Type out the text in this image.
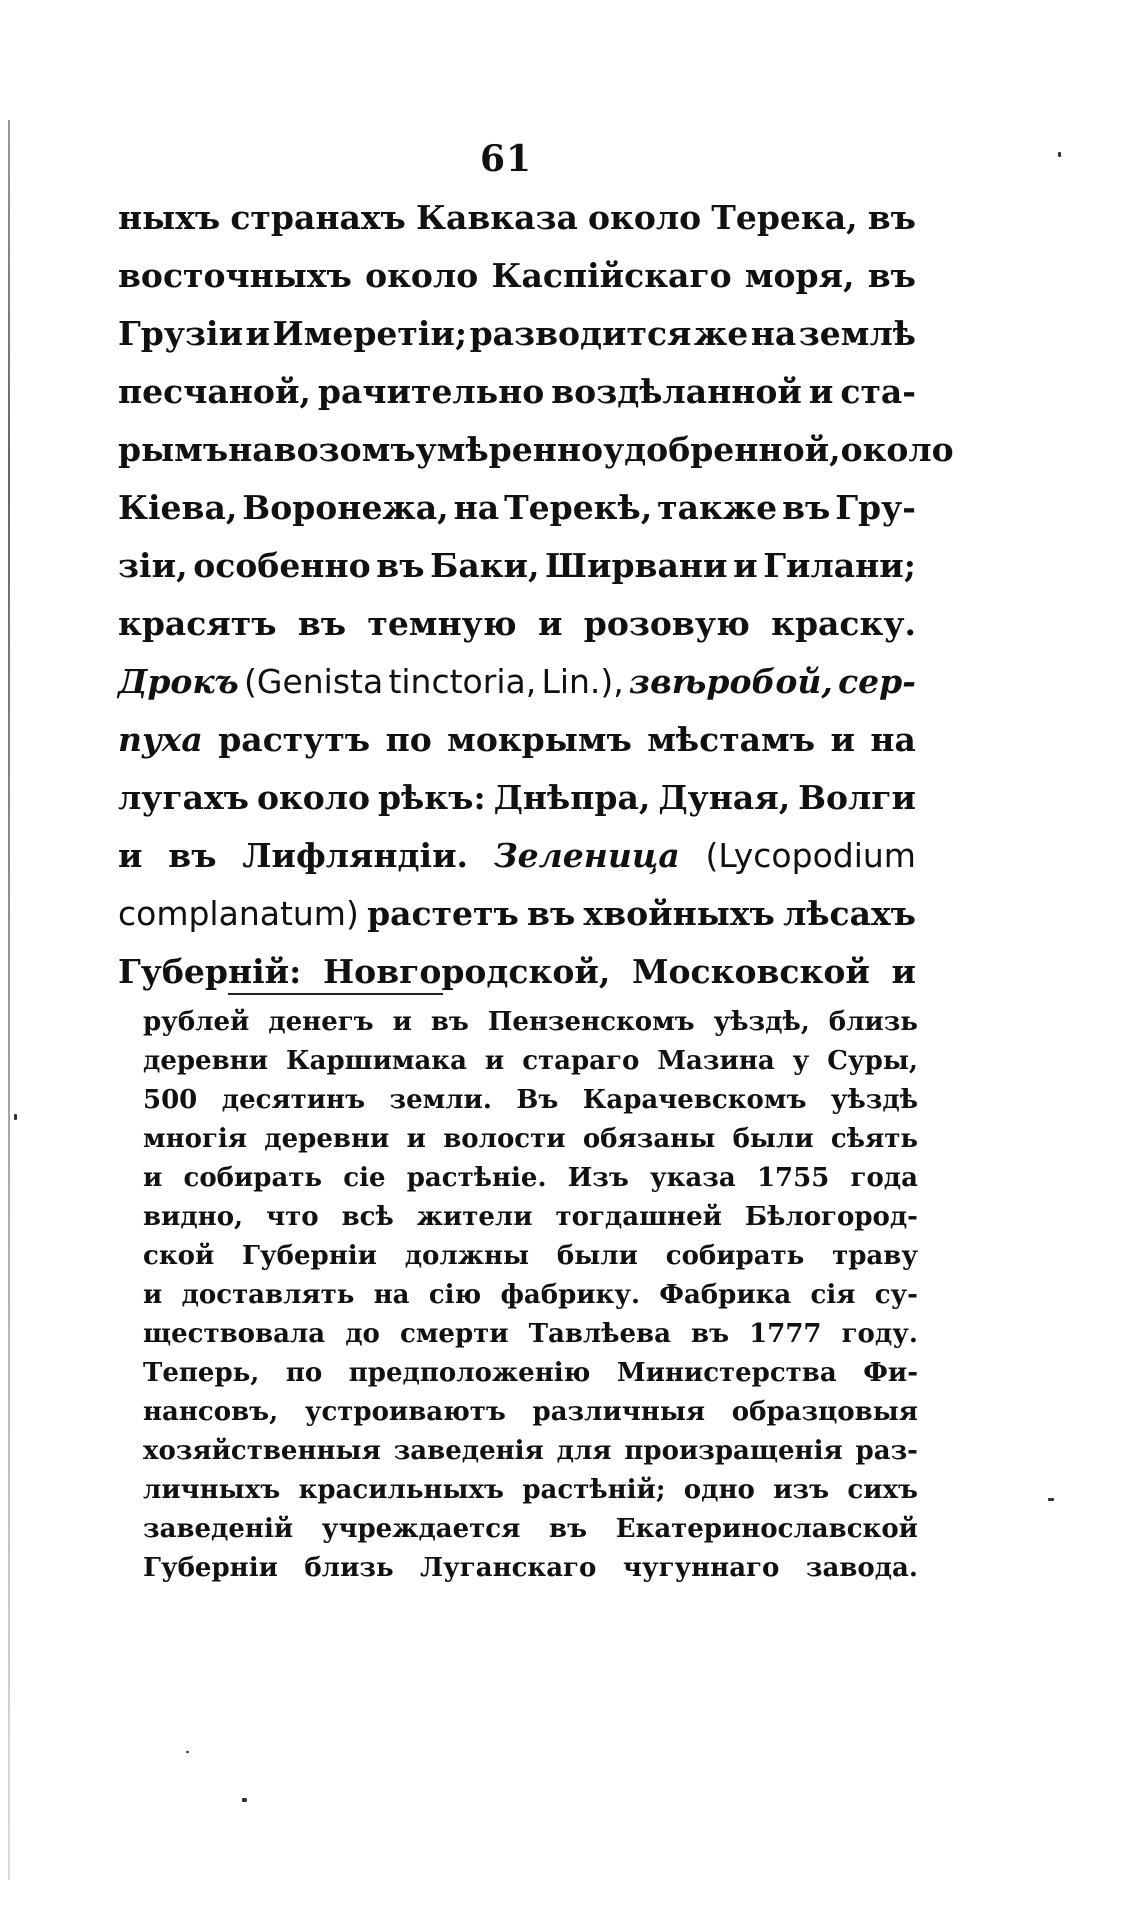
61
ныхъ странахъ Кавказа около Терека, въ
восточныхъ около Каспійскаго моря, въ
Грузіи и Имеретіи; разводится же на землѣ
песчаной, рачительно воздѣланной и ста-
рымъ навозомъ умѣренно удобренной, около
Кіева, Воронежа, на Терекѣ, также въ Гру-
зіи, особенно въ Баки, Ширвани и Гилани;
красятъ въ темную и розовую краску.
Дрокъ (Genista tinctoria, Lin.), звѣробой, сер-
пуха растутъ по мокрымъ мѣстамъ и на
лугахъ около рѣкъ: Днѣпра, Дуная, Волги
и въ Лифляндіи. Зеленица (Lycopodium
complanatum) растетъ въ хвойныхъ лѣсахъ
Губерній: Новгородской, Московской и
рублей денегъ и въ Пензенскомъ уѣздѣ, близь
деревни Каршимака и стараго Мазина у Суры,
500 десятинъ земли. Въ Карачевскомъ уѣздѣ
многія деревни и волости обязаны были сѣять
и собирать сіе растѣніе. Изъ указа 1755 года
видно, что всѣ жители тогдашней Бѣлогород-
ской Губерніи должны были собирать траву
и доставлять на сію фабрику. Фабрика сія су-
ществовала до смерти Тавлѣева въ 1777 году.
Теперь, по предположенію Министерства Фи-
нансовъ, устроиваютъ различныя образцовыя
хозяйственныя заведенія для произращенія раз-
личныхъ красильныхъ растѣній; одно изъ сихъ
заведеній учреждается въ Екатеринославской
Губерніи близь Луганскаго чугуннаго завода.
